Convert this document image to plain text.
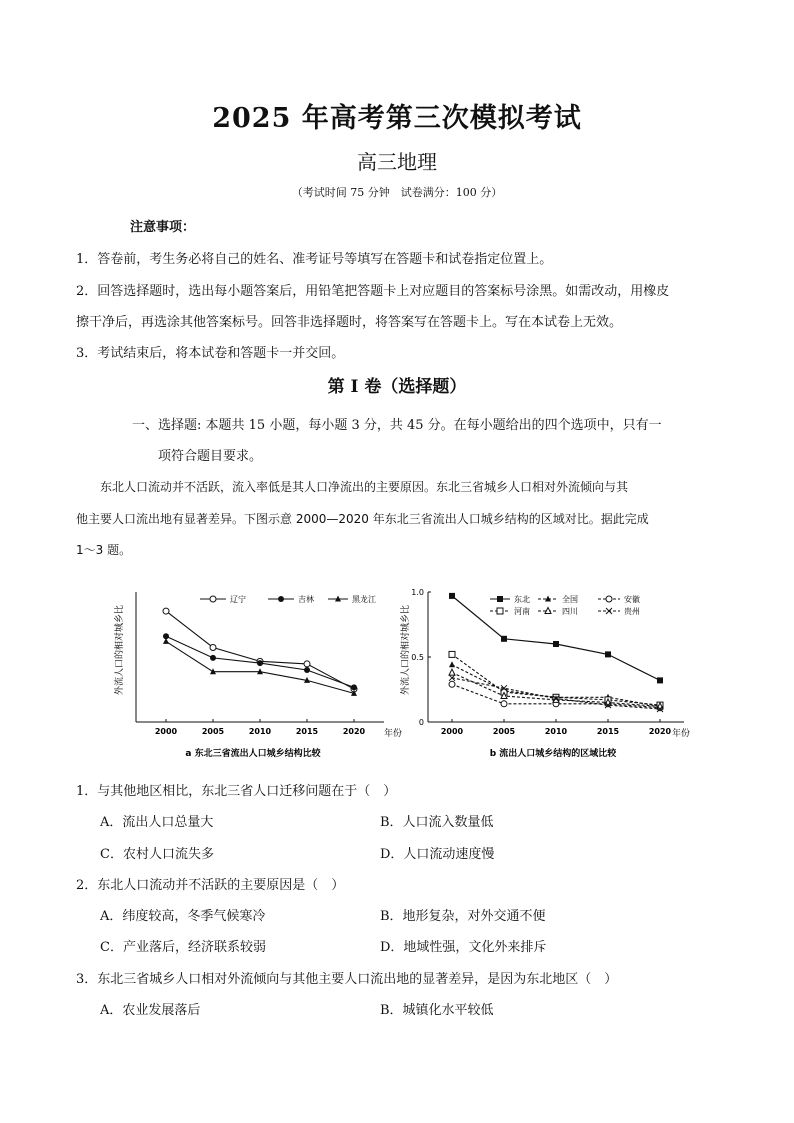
2025 年高考第三次模拟考试
高三地理
（考试时间 75 分钟　试卷满分：100 分）
注意事项：
1．答卷前，考生务必将自己的姓名、准考证号等填写在答题卡和试卷指定位置上。
2．回答选择题时，选出每小题答案后，用铅笔把答题卡上对应题目的答案标号涂黑。如需改动，用橡皮
擦干净后，再选涂其他答案标号。回答非选择题时，将答案写在答题卡上。写在本试卷上无效。
3．考试结束后，将本试卷和答题卡一并交回。
第 I 卷（选择题）
一、选择题: 本题共 15 小题，每小题 3 分，共 45 分。在每小题给出的四个选项中，只有一
项符合题目要求。
东北人口流动并不活跃，流入率低是其人口净流出的主要原因。东北三省城乡人口相对外流倾向与其
他主要人口流出地有显著差异。下图示意 2000—2020 年东北三省流出人口城乡结构的区域对比。据此完成
1～3 题。
外流人口的相对城乡比
2000	2005	2010	2015	2020
辽宁	吉林	黑龙江
年份
a 东北三省流出人口城乡结构比较
外流人口的相对城乡比
2000	2005	2010	2015	2020
0
0.5
1.0
东北	全国	安徽
河南	四川	贵州
年份
b 流出人口城乡结构的区域比较
1．与其他地区相比，东北三省人口迁移问题在于（　）
A．流出人口总量大	B．人口流入数量低
C．农村人口流失多	D．人口流动速度慢
2．东北人口流动并不活跃的主要原因是（　）
A．纬度较高，冬季气候寒冷	B．地形复杂，对外交通不便
C．产业落后，经济联系较弱	D．地域性强，文化外来排斥
3．东北三省城乡人口相对外流倾向与其他主要人口流出地的显著差异，是因为东北地区（　）
A．农业发展落后	B．城镇化水平较低
